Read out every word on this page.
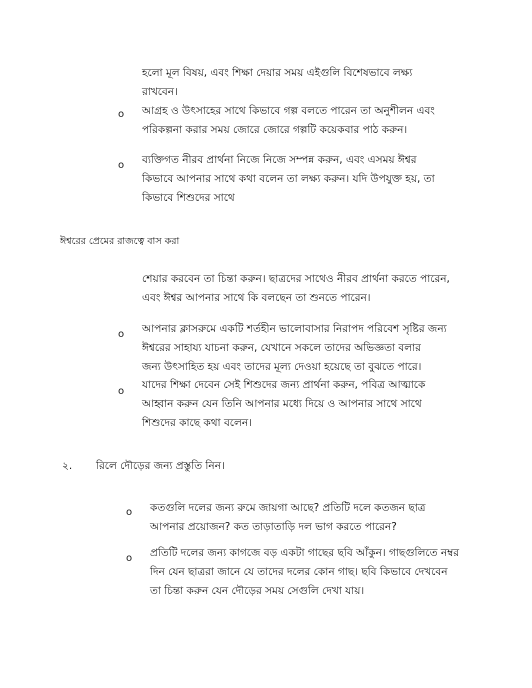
হলো মূল বিষয়, এবং শিক্ষা দেয়ার সময় এইগুলি বিশেষভাবে লক্ষ্য
রাখবেন।

o আগ্রহ ও উৎসাহের সাথে কিভাবে গল্প বলতে পারেন তা অনুশীলন এবং
পরিকল্পনা করার সময় জোরে জোরে গল্পটি কয়েকবার পাঠ করুন।

o ব্যক্তিগত নীরব প্রার্থনা নিজে নিজে সম্পন্ন করুন, এবং এসময় ঈশ্বর
কিভাবে আপনার সাথে কথা বলেন তা লক্ষ্য করুন। যদি উপযুক্ত হয়, তা
কিভাবে শিশুদের সাথে

ঈশ্বরের প্রেমের রাজত্বে বাস করা

শেয়ার করবেন তা চিন্তা করুন। ছাত্রদের সাথেও নীরব প্রার্থনা করতে পারেন,
এবং ঈশ্বর আপনার সাথে কি বলছেন তা শুনতে পারেন।

o আপনার ক্লাসরুমে একটি শর্তহীন ভালোবাসার নিরাপদ পরিবেশ সৃষ্টির জন্য
ঈশ্বরের সাহায্য যাচনা করুন, যেখানে সকলে তাদের অভিজ্ঞতা বলার
জন্য উৎসাহিত হয় এবং তাদের মূল্য দেওয়া হয়েছে তা বুঝতে পারে।

o

যাদের শিক্ষা দেবেন সেই শিশুদের জন্য প্রার্থনা করুন, পবিত্র আত্মাকে
আহ্বান করুন যেন তিনি আপনার মধ্যে দিয়ে ও আপনার সাথে সাথে
শিশুদের কাছে কথা বলেন।

২. রিলে দৌড়ের জন্য প্রস্তুতি নিন।
o কতগুলি দলের জন্য রুমে জায়গা আছে? প্রতিটি দলে কতজন ছাত্র
আপনার প্রয়োজন? কত তাড়াতাড়ি দল ভাগ করতে পারেন?

o প্রতিটি দলের জন্য কাগজে বড় একটা গাছের ছবি আঁকুন। গাছগুলিতে নম্বর
দিন যেন ছাত্ররা জানে যে তাদের দলের কোন গাছ। ছবি কিভাবে দেখবেন
তা চিন্তা করুন যেন দৌড়ের সময় সেগুলি দেখা যায়।
